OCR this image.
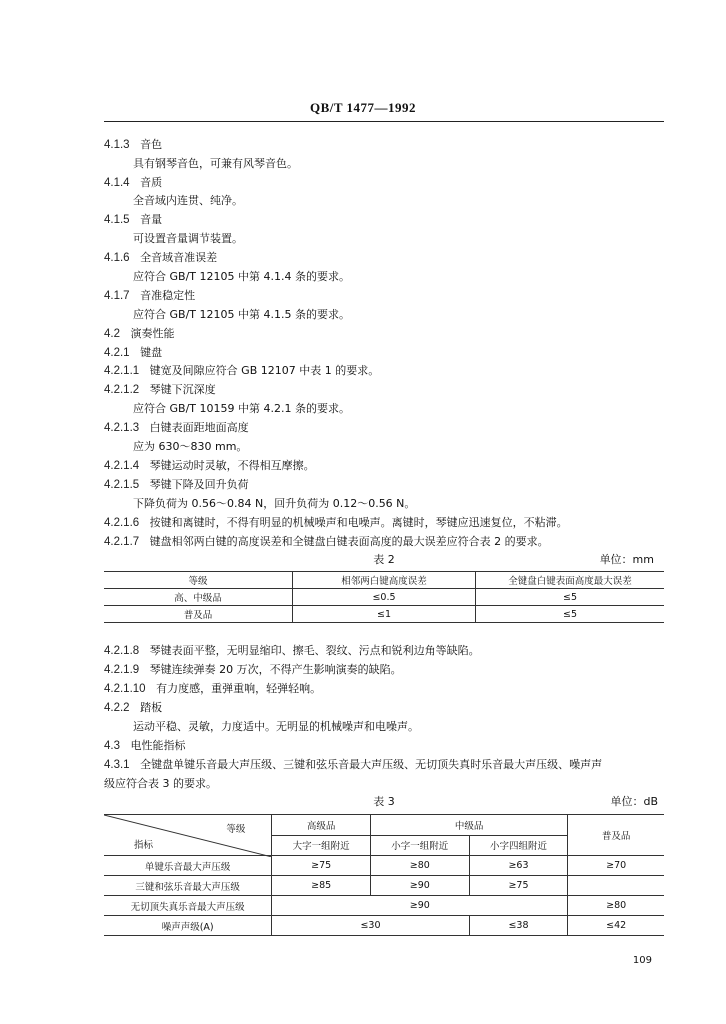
QB/T 1477—1992
4.1.3 音色
具有钢琴音色，可兼有风琴音色。
4.1.4 音质
全音域内连贯、纯净。
4.1.5 音量
可设置音量调节装置。
4.1.6 全音域音准误差
应符合 GB/T 12105 中第 4.1.4 条的要求。
4.1.7 音准稳定性
应符合 GB/T 12105 中第 4.1.5 条的要求。
4.2 演奏性能
4.2.1 键盘
4.2.1.1 键宽及间隙应符合 GB 12107 中表 1 的要求。
4.2.1.2 琴键下沉深度
应符合 GB/T 10159 中第 4.2.1 条的要求。
4.2.1.3 白键表面距地面高度
应为 630～830 mm。
4.2.1.4 琴键运动时灵敏，不得相互摩擦。
4.2.1.5 琴键下降及回升负荷
下降负荷为 0.56～0.84 N，回升负荷为 0.12～0.56 N。
4.2.1.6 按键和离键时，不得有明显的机械噪声和电噪声。离键时，琴键应迅速复位，不粘滞。
4.2.1.7 键盘相邻两白键的高度误差和全键盘白键表面高度的最大误差应符合表 2 的要求。
表 2	单位：mm
等级	相邻两白键高度误差	全键盘白键表面高度最大误差
高、中级品	≤0.5	≤5
普及品	≤1	≤5
4.2.1.8 琴键表面平整，无明显缩印、擦毛、裂纹、污点和锐利边角等缺陷。
4.2.1.9 琴键连续弹奏 20 万次，不得产生影响演奏的缺陷。
4.2.1.10 有力度感，重弹重响，轻弹轻响。
4.2.2 踏板
运动平稳、灵敏，力度适中。无明显的机械噪声和电噪声。
4.3 电性能指标
4.3.1 全键盘单键乐音最大声压级、三键和弦乐音最大声压级、无切顶失真时乐音最大声压级、噪声声
级应符合表 3 的要求。
表 3	单位：dB
等级
指标	高级品	中级品		普及品
	大字一组附近	小字一组附近	小字四组附近	
单键乐音最大声压级	≥75	≥80	≥63	≥70
三键和弦乐音最大声压级	≥85	≥90	≥75	
无切顶失真乐音最大声压级	≥90			≥80
噪声声级(A)	≤30		≤38	≤42
109
